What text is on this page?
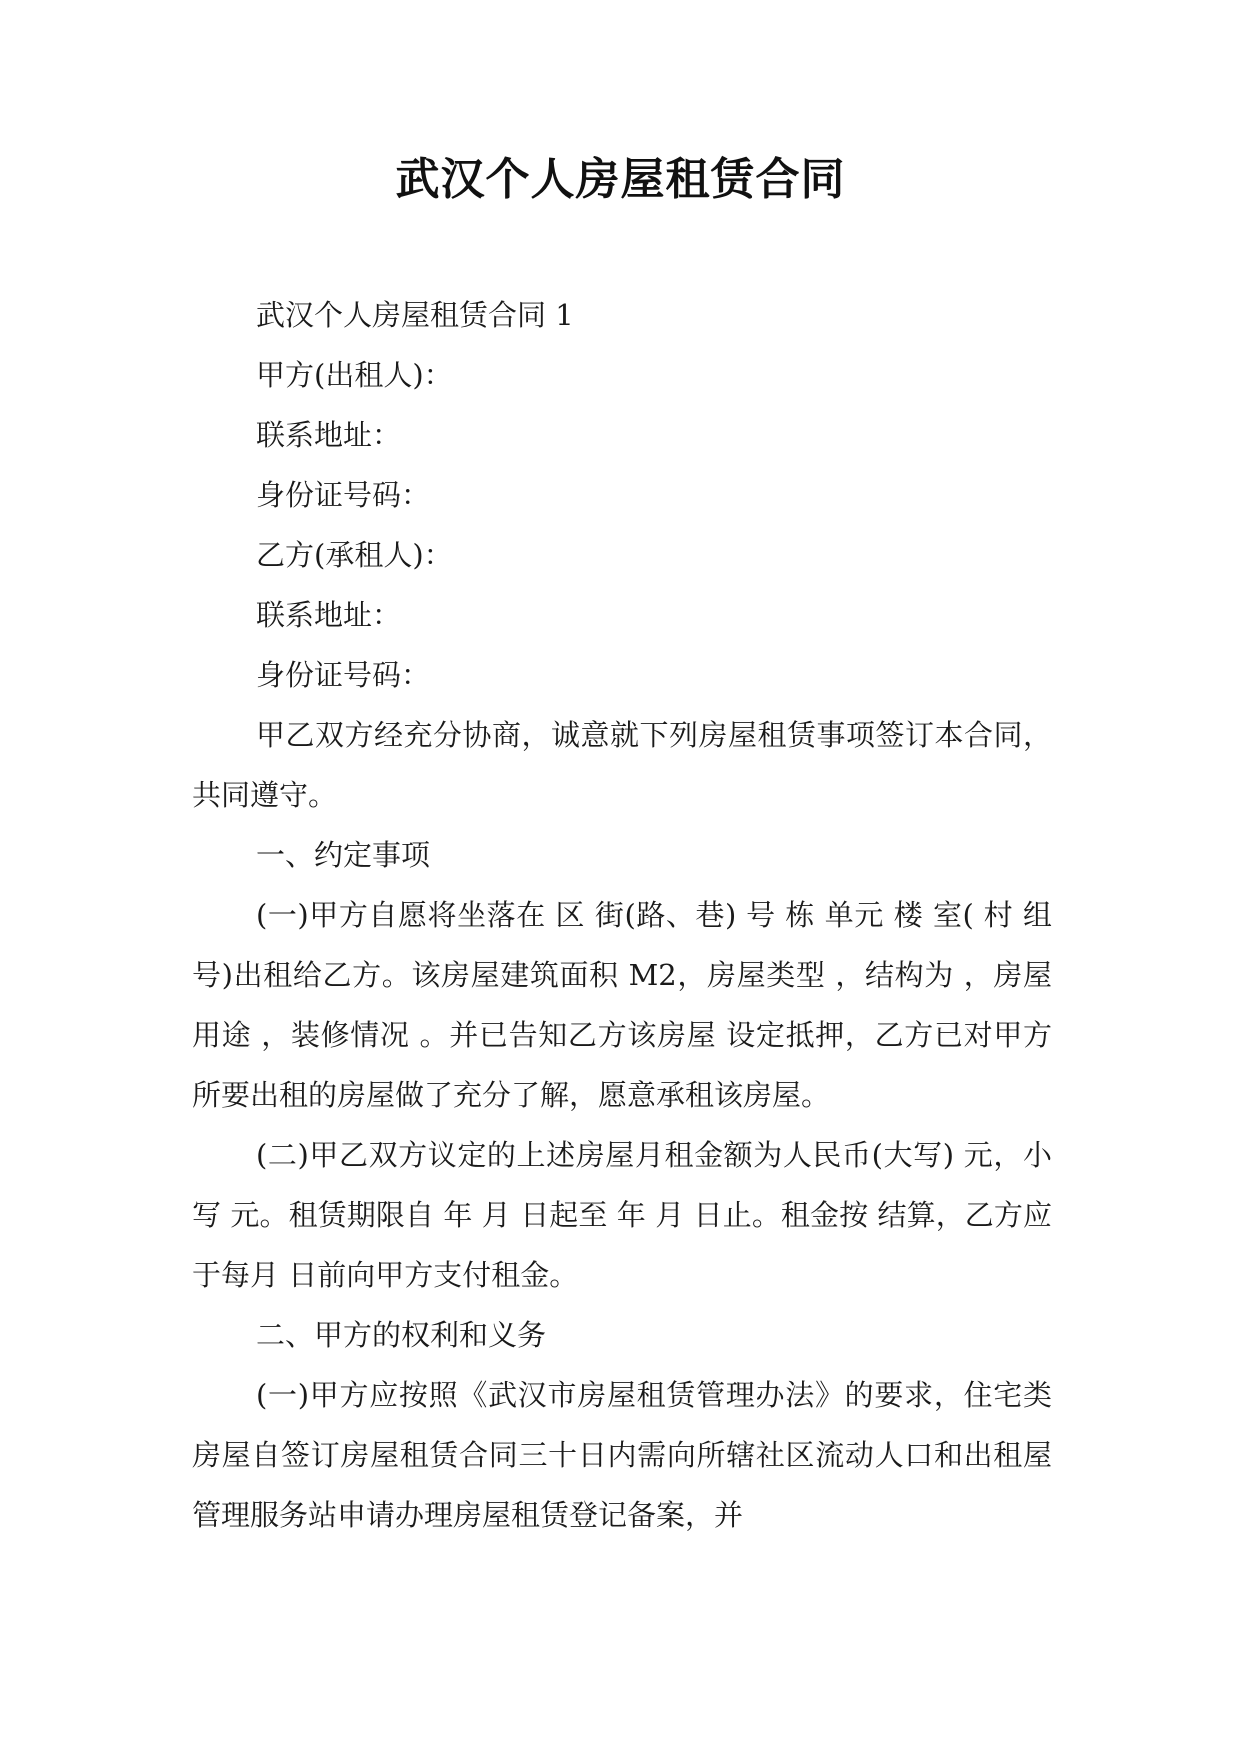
武汉个人房屋租赁合同

武汉个人房屋租赁合同 1

甲方(出租人)：

联系地址：

身份证号码：

乙方(承租人)：

联系地址：

身份证号码：

甲乙双方经充分协商，诚意就下列房屋租赁事项签订本合同，共同遵守。

一、约定事项

(一)甲方自愿将坐落在 区 街(路、巷) 号 栋 单元 楼 室( 村 组 号)出租给乙方。该房屋建筑面积 M2，房屋类型 ，结构为 ，房屋用途 ，装修情况 。并已告知乙方该房屋 设定抵押，乙方已对甲方所要出租的房屋做了充分了解，愿意承租该房屋。

(二)甲乙双方议定的上述房屋月租金额为人民币(大写) 元，小写 元。租赁期限自 年 月 日起至 年 月 日止。租金按 结算，乙方应于每月 日前向甲方支付租金。

二、甲方的权利和义务

(一)甲方应按照《武汉市房屋租赁管理办法》的要求，住宅类房屋自签订房屋租赁合同三十日内需向所辖社区流动人口和出租屋管理服务站申请办理房屋租赁登记备案，并
